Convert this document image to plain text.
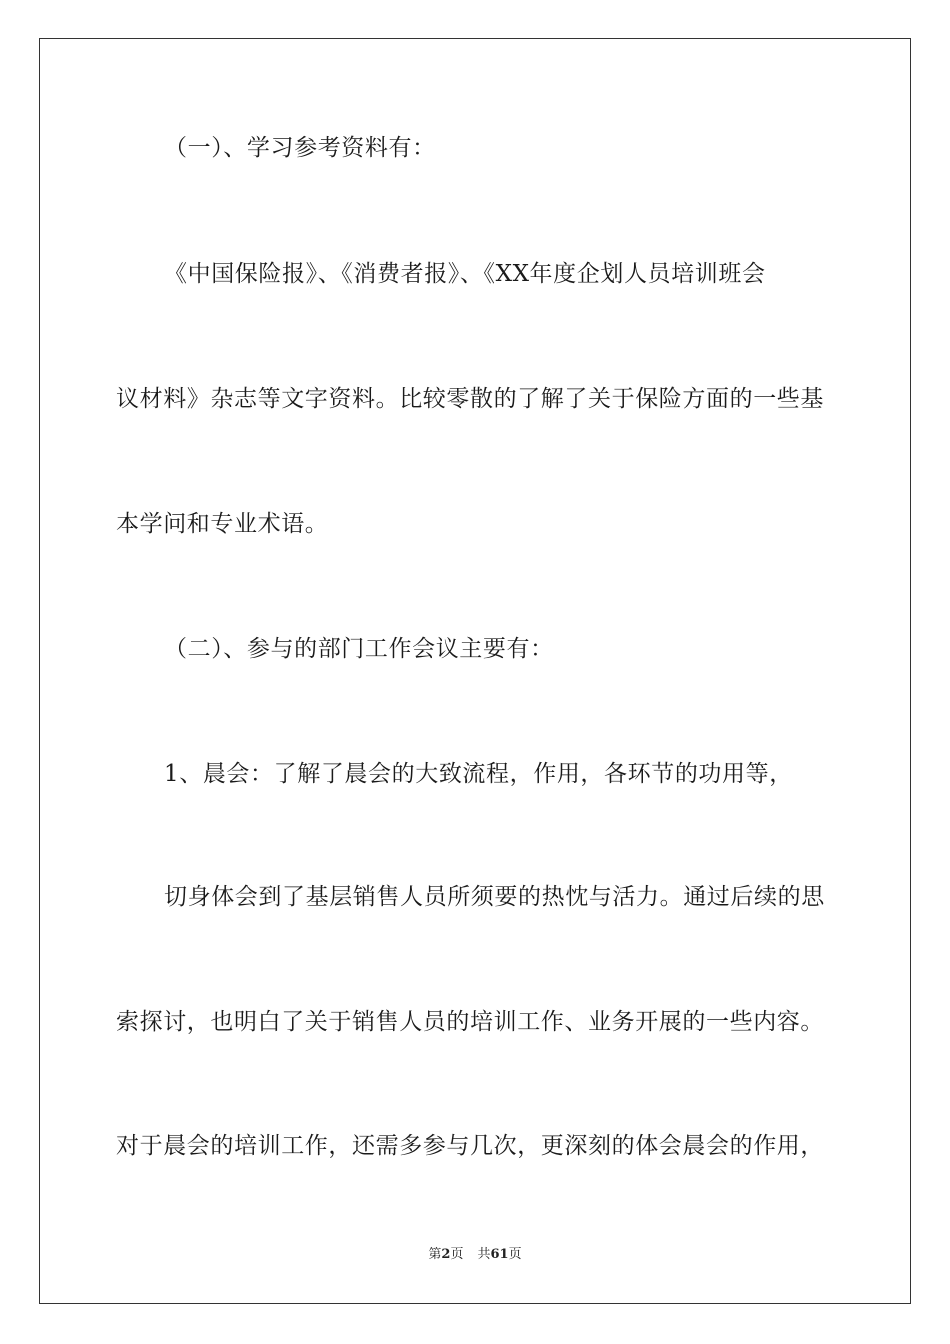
（一）、学习参考资料有：
《中国保险报》、《消费者报》、《XX年度企划人员培训班会
议材料》杂志等文字资料。比较零散的了解了关于保险方面的一些基
本学问和专业术语。
（二）、参与的部门工作会议主要有：
1、晨会：了解了晨会的大致流程，作用，各环节的功用等，
切身体会到了基层销售人员所须要的热忱与活力。通过后续的思
索探讨，也明白了关于销售人员的培训工作、业务开展的一些内容。
对于晨会的培训工作，还需多参与几次，更深刻的体会晨会的作用，
第2页 共61页
